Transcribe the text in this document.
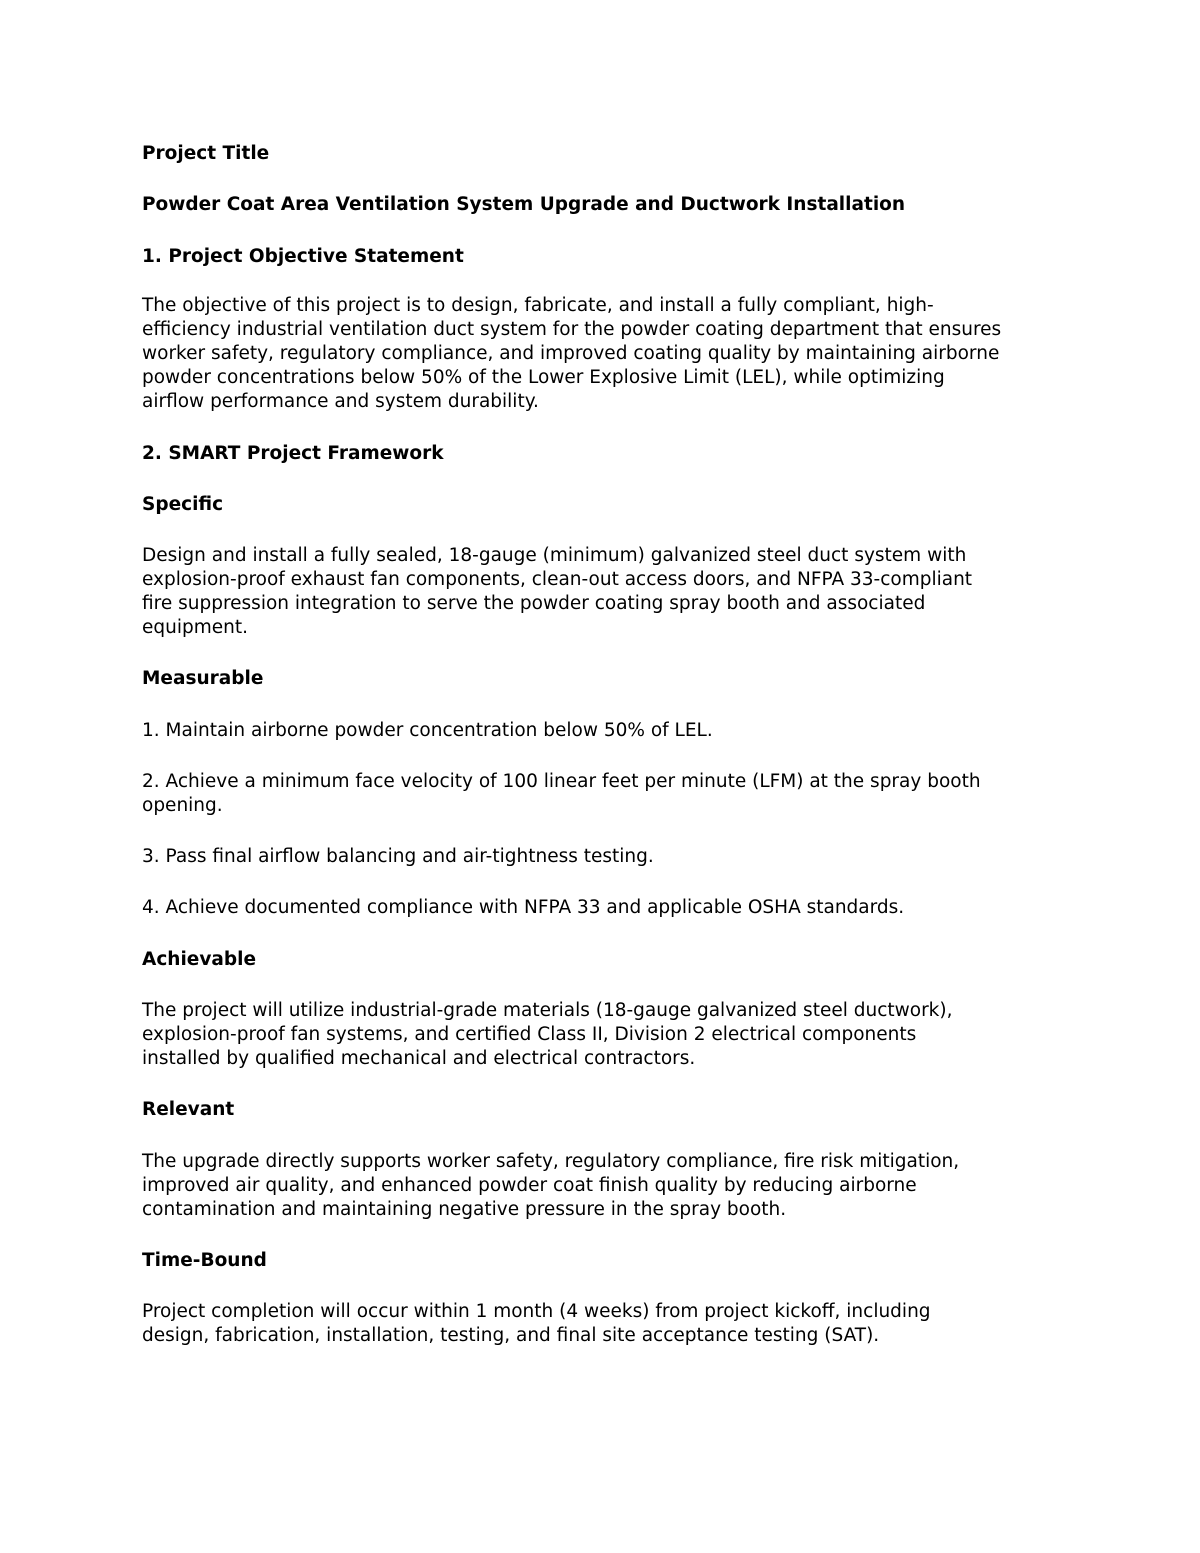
Project Title

Powder Coat Area Ventilation System Upgrade and Ductwork Installation

1. Project Objective Statement

The objective of this project is to design, fabricate, and install a fully compliant, high-

efficiency industrial ventilation duct system for the powder coating department that ensures

worker safety, regulatory compliance, and improved coating quality by maintaining airborne

powder concentrations below 50% of the Lower Explosive Limit (LEL), while optimizing

airflow performance and system durability.

2. SMART Project Framework

Specific

Design and install a fully sealed, 18-gauge (minimum) galvanized steel duct system with

explosion-proof exhaust fan components, clean-out access doors, and NFPA 33-compliant

fire suppression integration to serve the powder coating spray booth and associated

equipment.

Measurable

1. Maintain airborne powder concentration below 50% of LEL.

2. Achieve a minimum face velocity of 100 linear feet per minute (LFM) at the spray booth

opening.

3. Pass final airflow balancing and air-tightness testing.

4. Achieve documented compliance with NFPA 33 and applicable OSHA standards.

Achievable

The project will utilize industrial-grade materials (18-gauge galvanized steel ductwork),

explosion-proof fan systems, and certified Class II, Division 2 electrical components

installed by qualified mechanical and electrical contractors.

Relevant

The upgrade directly supports worker safety, regulatory compliance, fire risk mitigation,

improved air quality, and enhanced powder coat finish quality by reducing airborne

contamination and maintaining negative pressure in the spray booth.

Time-Bound

Project completion will occur within 1 month (4 weeks) from project kickoff, including

design, fabrication, installation, testing, and final site acceptance testing (SAT).
